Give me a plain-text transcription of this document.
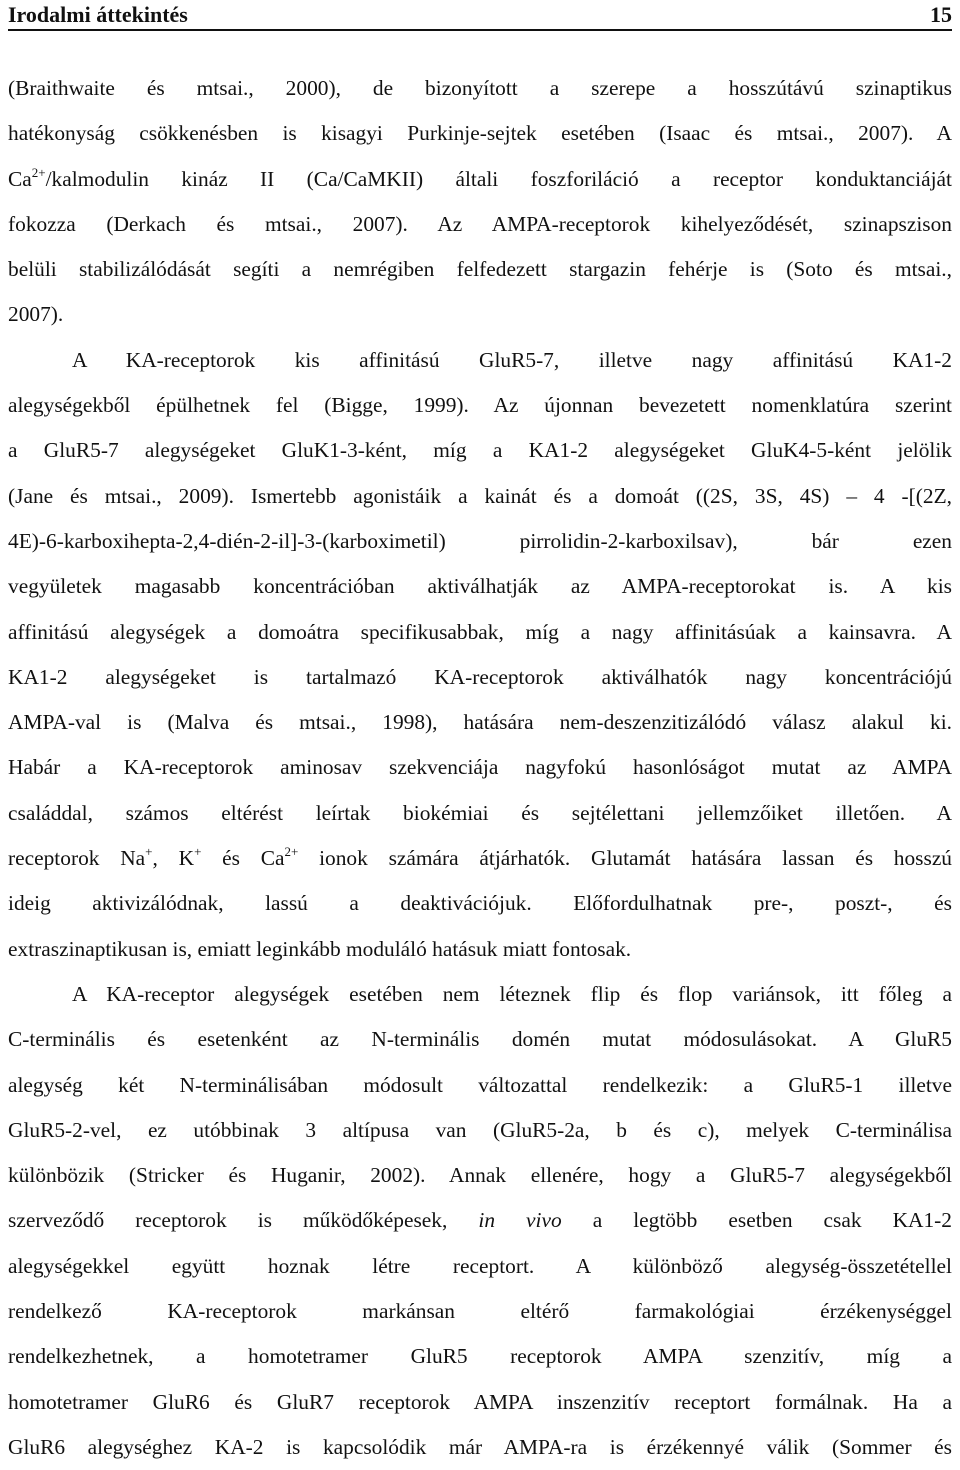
Irodalmi áttekintés	15
(Braithwaite és mtsai., 2000), de bizonyított a szerepe a hosszútávú szinaptikus
hatékonyság csökkenésben is kisagyi Purkinje-sejtek esetében (Isaac és mtsai., 2007). A
$Ca^{2+}$/kalmodulin kináz II (Ca/CaMKII) általi foszforiláció a receptor konduktanciáját
fokozza (Derkach és mtsai., 2007). Az AMPA-receptorok kihelyeződését, szinapszison
belüli stabilizálódását segíti a nemrégiben felfedezett stargazin fehérje is (Soto és mtsai.,
2007).
A KA-receptorok kis affinitású GluR5-7, illetve nagy affinitású KA1-2
alegységekből épülhetnek fel (Bigge, 1999). Az újonnan bevezetett nomenklatúra szerint
a GluR5-7 alegységeket GluK1-3-ként, míg a KA1-2 alegységeket GluK4-5-ként jelölik
(Jane és mtsai., 2009). Ismertebb agonistáik a kainát és a domoát ((2S, 3S, 4S) – 4 -[(2Z,
4E)-6-karboxihepta-2,4-dién-2-il]-3-(karboximetil) pirrolidin-2-karboxilsav), bár ezen
vegyületek magasabb koncentrációban aktiválhatják az AMPA-receptorokat is. A kis
affinitású alegységek a domoátra specifikusabbak, míg a nagy affinitásúak a kainsavra. A
KA1-2 alegységeket is tartalmazó KA-receptorok aktiválhatók nagy koncentrációjú
AMPA-val is (Malva és mtsai., 1998), hatására nem-deszenzitizálódó válasz alakul ki.
Habár a KA-receptorok aminosav szekvenciája nagyfokú hasonlóságot mutat az AMPA
családdal, számos eltérést leírtak biokémiai és sejtélettani jellemzőiket illetően. A
receptorok Na+, K+ és $Ca^{2+}$ ionok számára átjárhatók. Glutamát hatására lassan és hosszú
ideig aktivizálódnak, lassú a deaktivációjuk. Előfordulhatnak pre-, poszt-, és
extraszinaptikusan is, emiatt leginkább moduláló hatásuk miatt fontosak.
A KA-receptor alegységek esetében nem léteznek flip és flop variánsok, itt főleg a
C-terminális és esetenként az N-terminális domén mutat módosulásokat. A GluR5
alegység két N-terminálisában módosult változattal rendelkezik: a GluR5-1 illetve
GluR5-2-vel, ez utóbbinak 3 altípusa van (GluR5-2a, b és c), melyek C-terminálisa
különbözik (Stricker és Huganir, 2002). Annak ellenére, hogy a GluR5-7 alegységekből
szerveződő receptorok is működőképesek, in vivo a legtöbb esetben csak KA1-2
alegységekkel együtt hoznak létre receptort. A különböző alegység-összetétellel
rendelkező KA-receptorok markánsan eltérő farmakológiai érzékenységgel
rendelkezhetnek, a homotetramer GluR5 receptorok AMPA szenzitív, míg a
homotetramer GluR6 és GluR7 receptorok AMPA inszenzitív receptort formálnak. Ha a
GluR6 alegységhez KA-2 is kapcsolódik már AMPA-ra is érzékennyé válik (Sommer és
